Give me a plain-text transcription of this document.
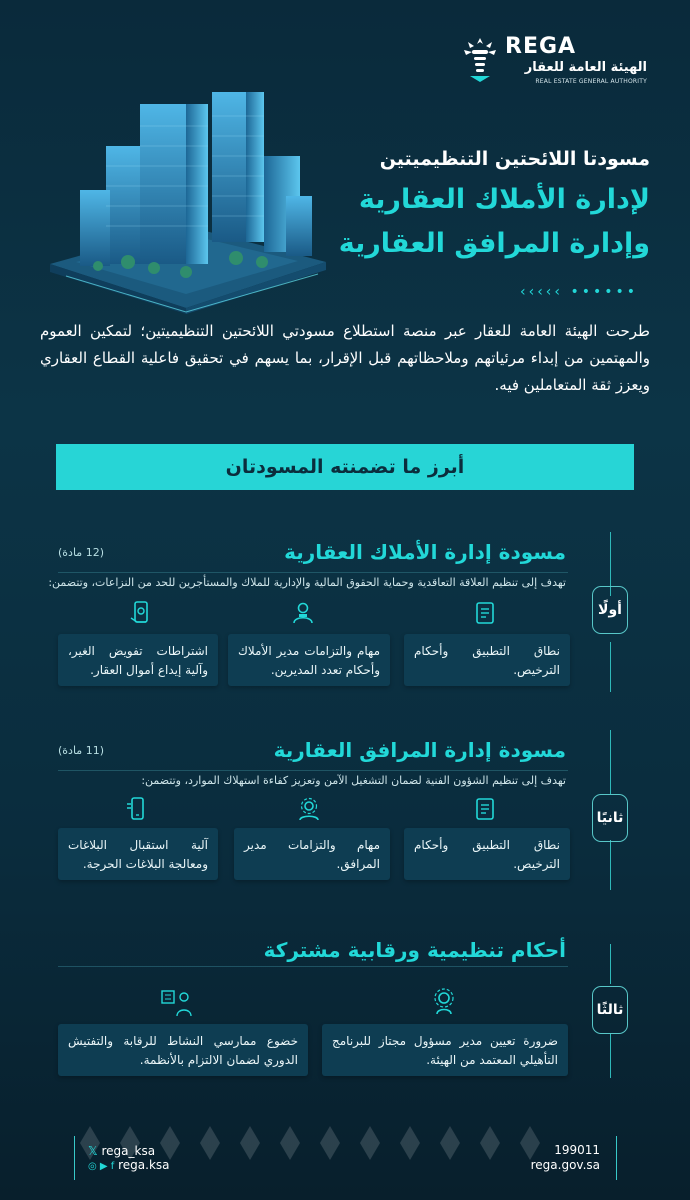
REGA
الهيئة العامة للعقار
REAL ESTATE GENERAL AUTHORITY
مسودتا اللائحتين التنظيميتين
لإدارة الأملاك العقارية
وإدارة المرافق العقارية
‹‹‹‹‹ ••••••
طرحت الهيئة العامة للعقار عبر منصة استطلاع مسودتي اللائحتين التنظيميتين؛ لتمكين العموم والمهتمين من إبداء مرئياتهم وملاحظاتهم قبل الإقرار، بما يسهم في تحقيق فاعلية القطاع العقاري ويعزز ثقة المتعاملين فيه.
أبرز ما تضمنته المسودتان
أولًا
مسودة إدارة الأملاك العقارية
(12 مادة)
تهدف إلى تنظيم العلاقة التعاقدية وحماية الحقوق المالية والإدارية للملاك والمستأجرين للحد من النزاعات، وتتضمن:
نطاق التطبيق وأحكام الترخيص.
مهام والتزامات مدير الأملاك وأحكام تعدد المديرين.
اشتراطات تفويض الغير، وآلية إيداع أموال العقار.
ثانيًا
مسودة إدارة المرافق العقارية
(11 مادة)
تهدف إلى تنظيم الشؤون الفنية لضمان التشغيل الآمن وتعزيز كفاءة استهلاك الموارد، وتتضمن:
نطاق التطبيق وأحكام الترخيص.
مهام والتزامات مدير المرافق.
آلية استقبال البلاغات ومعالجة البلاغات الحرجة.
ثالثًا
أحكام تنظيمية ورقابية مشتركة
ضرورة تعيين مدير مسؤول مجتاز للبرنامج التأهيلي المعتمد من الهيئة.
خضوع ممارسي النشاط للرقابة والتفتيش الدوري لضمان الالتزام بالأنظمة.
𝕏 rega_ksa
◎ ▶ f rega.ksa
199011
rega.gov.sa
